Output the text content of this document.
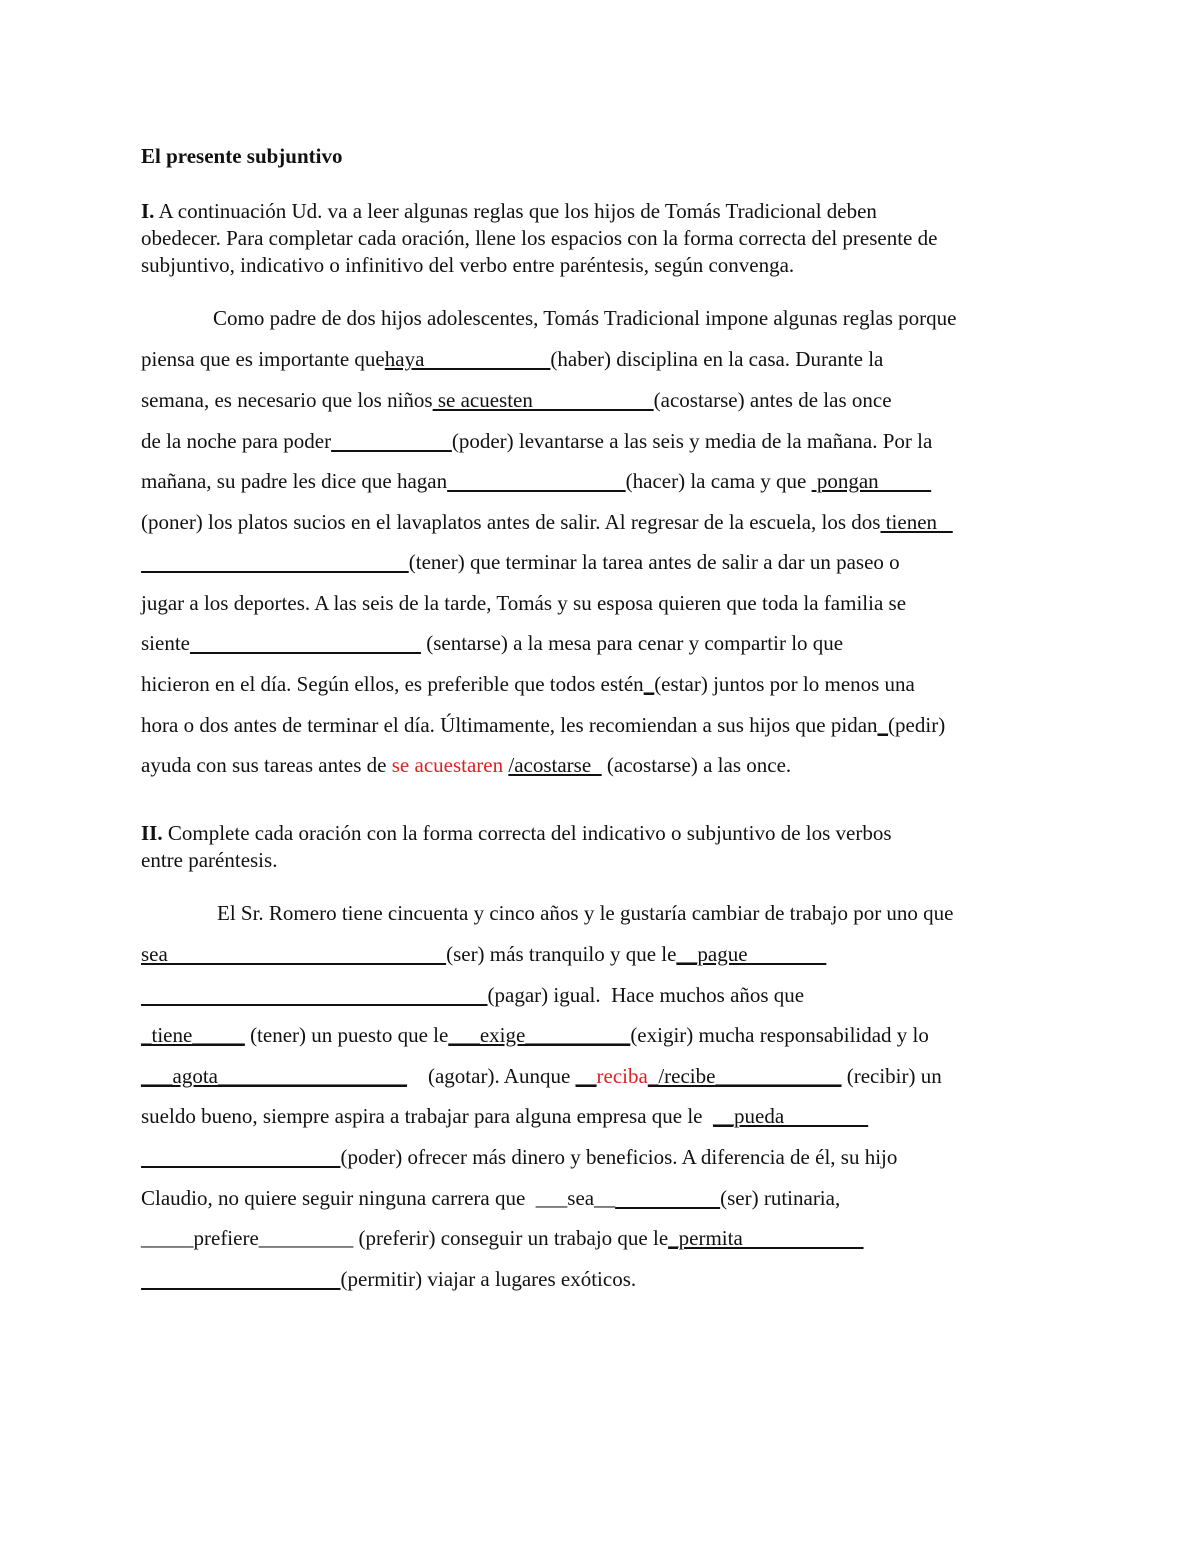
El presente subjuntivo
I. A continuación Ud. va a leer algunas reglas que los hijos de Tomás Tradicional deben
obedecer. Para completar cada oración, llene los espacios con la forma correcta del presente de
subjuntivo, indicativo o infinitivo del verbo entre paréntesis, según convenga.
Como padre de dos hijos adolescentes, Tomás Tradicional impone algunas reglas porque
piensa que es importante quehaya                        (haber) disciplina en la casa. Durante la
semana, es necesario que los niños se acuesten                       (acostarse) antes de las once
de la noche para poder	(poder) levantarse a las seis y media de la mañana. Por la
mañana, su padre les dice que hagan	(hacer) la cama y que  pongan
(poner) los platos sucios en el lavaplatos antes de salir. Al regresar de la escuela, los dos tienen
(tener) que terminar la tarea antes de salir a dar un paseo o
jugar a los deportes. A las seis de la tarde, Tomás y su esposa quieren que toda la familia se
siente	(sentarse) a la mesa para cenar y compartir lo que
hicieron en el día. Según ellos, es preferible que todos estén_(estar) juntos por lo menos una
hora o dos antes de terminar el día. Últimamente, les recomiendan a sus hijos que pidan_(pedir)
ayuda con sus tareas antes de se acuestaren /acostarse   (acostarse) a las once.
II. Complete cada oración con la forma correcta del indicativo o subjuntivo de los verbos
entre paréntesis.
El Sr. Romero tiene cincuenta y cinco años y le gustaría cambiar de trabajo por uno que
sea                                                     (ser) más tranquilo y que le__pague
(pagar) igual.  Hace muchos años que
_tiene_____ (tener) un puesto que le___exige__________(exigir) mucha responsabilidad y lo
___agota__________________    (agotar). Aunque __reciba_/recibe____________ (recibir) un
sueldo bueno, siempre aspira a trabajar para alguna empresa que le  __pueda
(poder) ofrecer más dinero y beneficios. A diferencia de él, su hijo
Claudio, no quiere seguir ninguna carrera que  ___sea__	(ser) rutinaria,
_____prefiere_________ (preferir) conseguir un trabajo que le_permita
(permitir) viajar a lugares exóticos.
